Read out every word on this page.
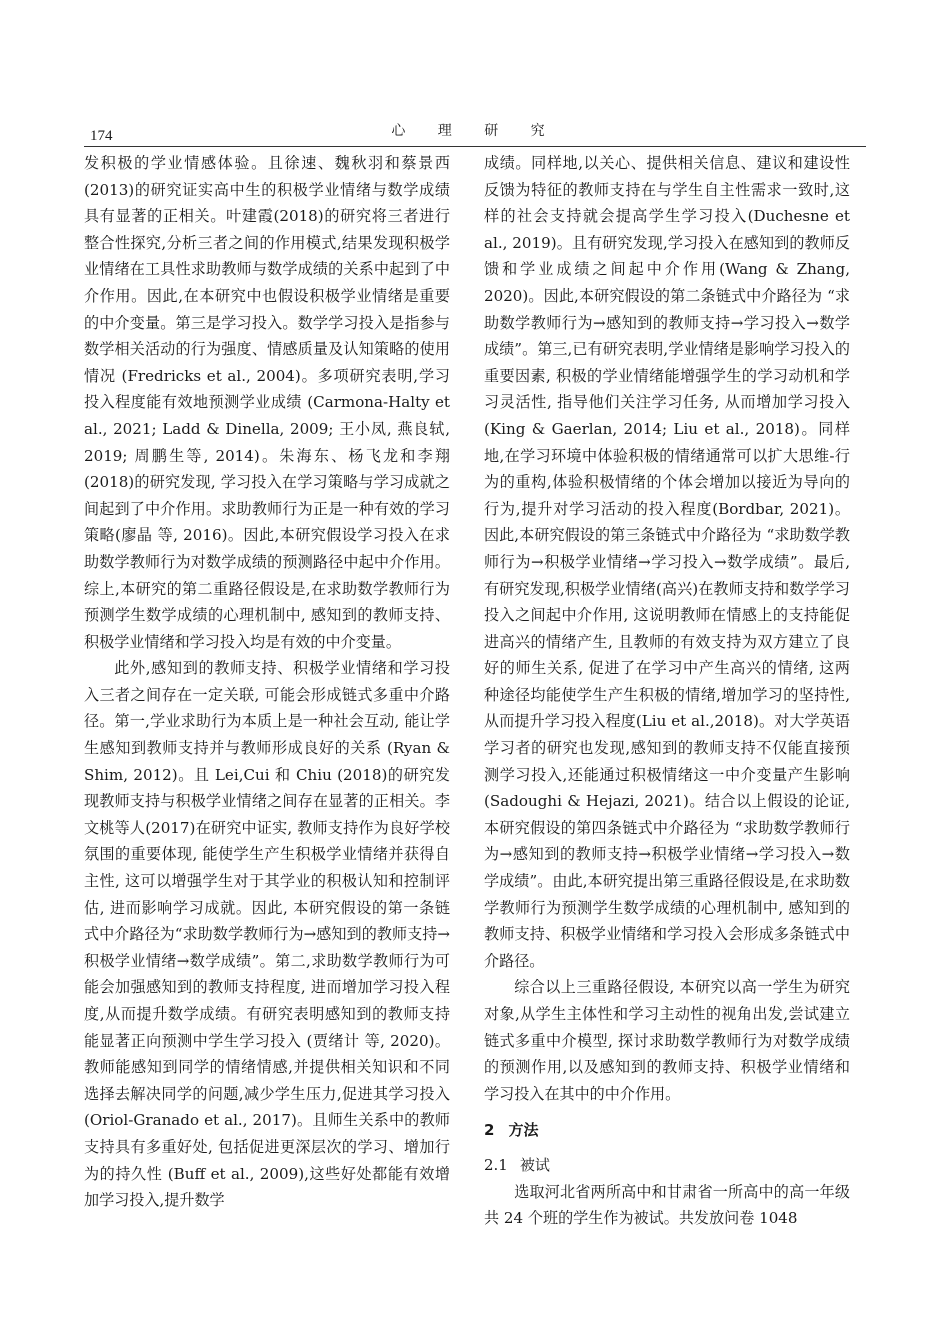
174	心 理 研 究

发积极的学业情感体验。且徐速、魏秋羽和蔡景西(2013)的研究证实高中生的积极学业情绪与数学成绩具有显著的正相关。叶建霞(2018)的研究将三者进行整合性探究,分析三者之间的作用模式,结果发现积极学业情绪在工具性求助教师与数学成绩的关系中起到了中介作用。因此,在本研究中也假设积极学业情绪是重要的中介变量。第三是学习投入。数学学习投入是指参与数学相关活动的行为强度、情感质量及认知策略的使用情况 (Fredricks et al., 2004)。多项研究表明,学习投入程度能有效地预测学业成绩 (Carmona-Halty et al., 2021; Ladd & Dinella, 2009; 王小凤, 燕良轼, 2019; 周鹏生等, 2014)。朱海东、杨飞龙和李翔(2018)的研究发现, 学习投入在学习策略与学习成就之间起到了中介作用。求助教师行为正是一种有效的学习策略(廖晶 等, 2016)。因此,本研究假设学习投入在求助数学教师行为对数学成绩的预测路径中起中介作用。综上,本研究的第二重路径假设是,在求助数学教师行为预测学生数学成绩的心理机制中, 感知到的教师支持、积极学业情绪和学习投入均是有效的中介变量。

此外,感知到的教师支持、积极学业情绪和学习投入三者之间存在一定关联, 可能会形成链式多重中介路径。第一,学业求助行为本质上是一种社会互动, 能让学生感知到教师支持并与教师形成良好的关系 (Ryan & Shim, 2012)。且 Lei,Cui 和 Chiu (2018)的研究发现教师支持与积极学业情绪之间存在显著的正相关。李文桃等人(2017)在研究中证实, 教师支持作为良好学校氛围的重要体现, 能使学生产生积极学业情绪并获得自主性, 这可以增强学生对于其学业的积极认知和控制评估, 进而影响学习成就。因此, 本研究假设的第一条链式中介路径为“求助数学教师行为→感知到的教师支持→积极学业情绪→数学成绩”。第二,求助数学教师行为可能会加强感知到的教师支持程度, 进而增加学习投入程度,从而提升数学成绩。有研究表明感知到的教师支持能显著正向预测中学生学习投入 (贾绪计 等, 2020)。教师能感知到同学的情绪情感,并提供相关知识和不同选择去解决同学的问题,减少学生压力,促进其学习投入(Oriol-Granado et al., 2017)。且师生关系中的教师支持具有多重好处, 包括促进更深层次的学习、增加行为的持久性 (Buff et al., 2009),这些好处都能有效增加学习投入,提升数学

成绩。同样地,以关心、提供相关信息、建议和建设性反馈为特征的教师支持在与学生自主性需求一致时,这样的社会支持就会提高学生学习投入(Duchesne et al., 2019)。且有研究发现,学习投入在感知到的教师反馈和学业成绩之间起中介作用(Wang & Zhang, 2020)。因此,本研究假设的第二条链式中介路径为 “求助数学教师行为→感知到的教师支持→学习投入→数学成绩”。第三,已有研究表明,学业情绪是影响学习投入的重要因素, 积极的学业情绪能增强学生的学习动机和学习灵活性, 指导他们关注学习任务, 从而增加学习投入 (King & Gaerlan, 2014; Liu et al., 2018)。同样地,在学习环境中体验积极的情绪通常可以扩大思维-行为的重构,体验积极情绪的个体会增加以接近为导向的行为,提升对学习活动的投入程度(Bordbar, 2021)。因此,本研究假设的第三条链式中介路径为 “求助数学教师行为→积极学业情绪→学习投入→数学成绩”。最后,有研究发现,积极学业情绪(高兴)在教师支持和数学学习投入之间起中介作用, 这说明教师在情感上的支持能促进高兴的情绪产生, 且教师的有效支持为双方建立了良好的师生关系, 促进了在学习中产生高兴的情绪, 这两种途径均能使学生产生积极的情绪,增加学习的坚持性,从而提升学习投入程度(Liu et al.,2018)。对大学英语学习者的研究也发现,感知到的教师支持不仅能直接预测学习投入,还能通过积极情绪这一中介变量产生影响(Sadoughi & Hejazi, 2021)。结合以上假设的论证,本研究假设的第四条链式中介路径为 “求助数学教师行为→感知到的教师支持→积极学业情绪→学习投入→数学成绩”。由此,本研究提出第三重路径假设是,在求助数学教师行为预测学生数学成绩的心理机制中, 感知到的教师支持、积极学业情绪和学习投入会形成多条链式中介路径。

综合以上三重路径假设, 本研究以高一学生为研究对象,从学生主体性和学习主动性的视角出发,尝试建立链式多重中介模型, 探讨求助数学教师行为对数学成绩的预测作用,以及感知到的教师支持、积极学业情绪和学习投入在其中的中介作用。

2 方法

2.1 被试

选取河北省两所高中和甘肃省一所高中的高一年级共 24 个班的学生作为被试。共发放问卷 1048
